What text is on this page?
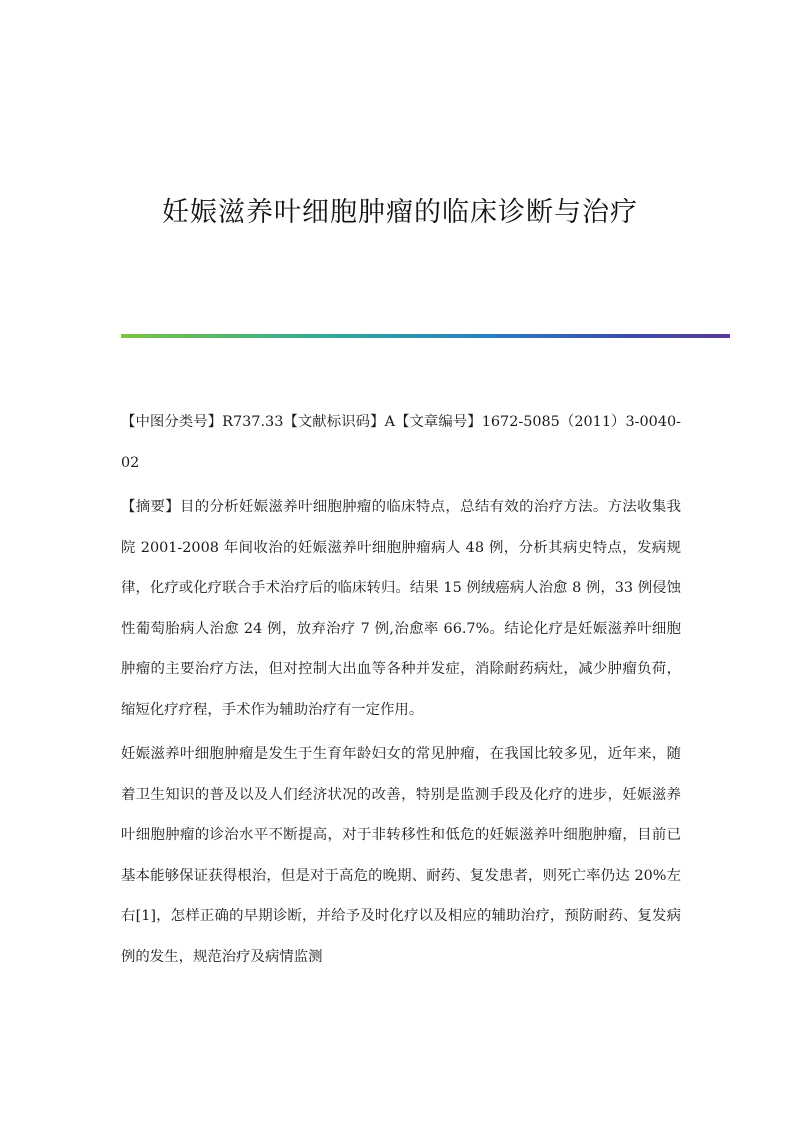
妊娠滋养叶细胞肿瘤的临床诊断与治疗

【中图分类号】R737.33【文献标识码】A【文章编号】1672-5085（2011）3-0040-02

【摘要】目的分析妊娠滋养叶细胞肿瘤的临床特点，总结有效的治疗方法。方法收集我院 2001-2008 年间收治的妊娠滋养叶细胞肿瘤病人 48 例，分析其病史特点，发病规律，化疗或化疗联合手术治疗后的临床转归。结果 15 例绒癌病人治愈 8 例，33 例侵蚀性葡萄胎病人治愈 24 例，放弃治疗 7 例,治愈率 66.7%。结论化疗是妊娠滋养叶细胞肿瘤的主要治疗方法，但对控制大出血等各种并发症，消除耐药病灶，减少肿瘤负荷，缩短化疗疗程，手术作为辅助治疗有一定作用。

妊娠滋养叶细胞肿瘤是发生于生育年龄妇女的常见肿瘤，在我国比较多见，近年来，随着卫生知识的普及以及人们经济状况的改善，特别是监测手段及化疗的进步，妊娠滋养叶细胞肿瘤的诊治水平不断提高，对于非转移性和低危的妊娠滋养叶细胞肿瘤，目前已基本能够保证获得根治，但是对于高危的晚期、耐药、复发患者，则死亡率仍达 20%左右[1]，怎样正确的早期诊断，并给予及时化疗以及相应的辅助治疗，预防耐药、复发病例的发生，规范治疗及病情监测
